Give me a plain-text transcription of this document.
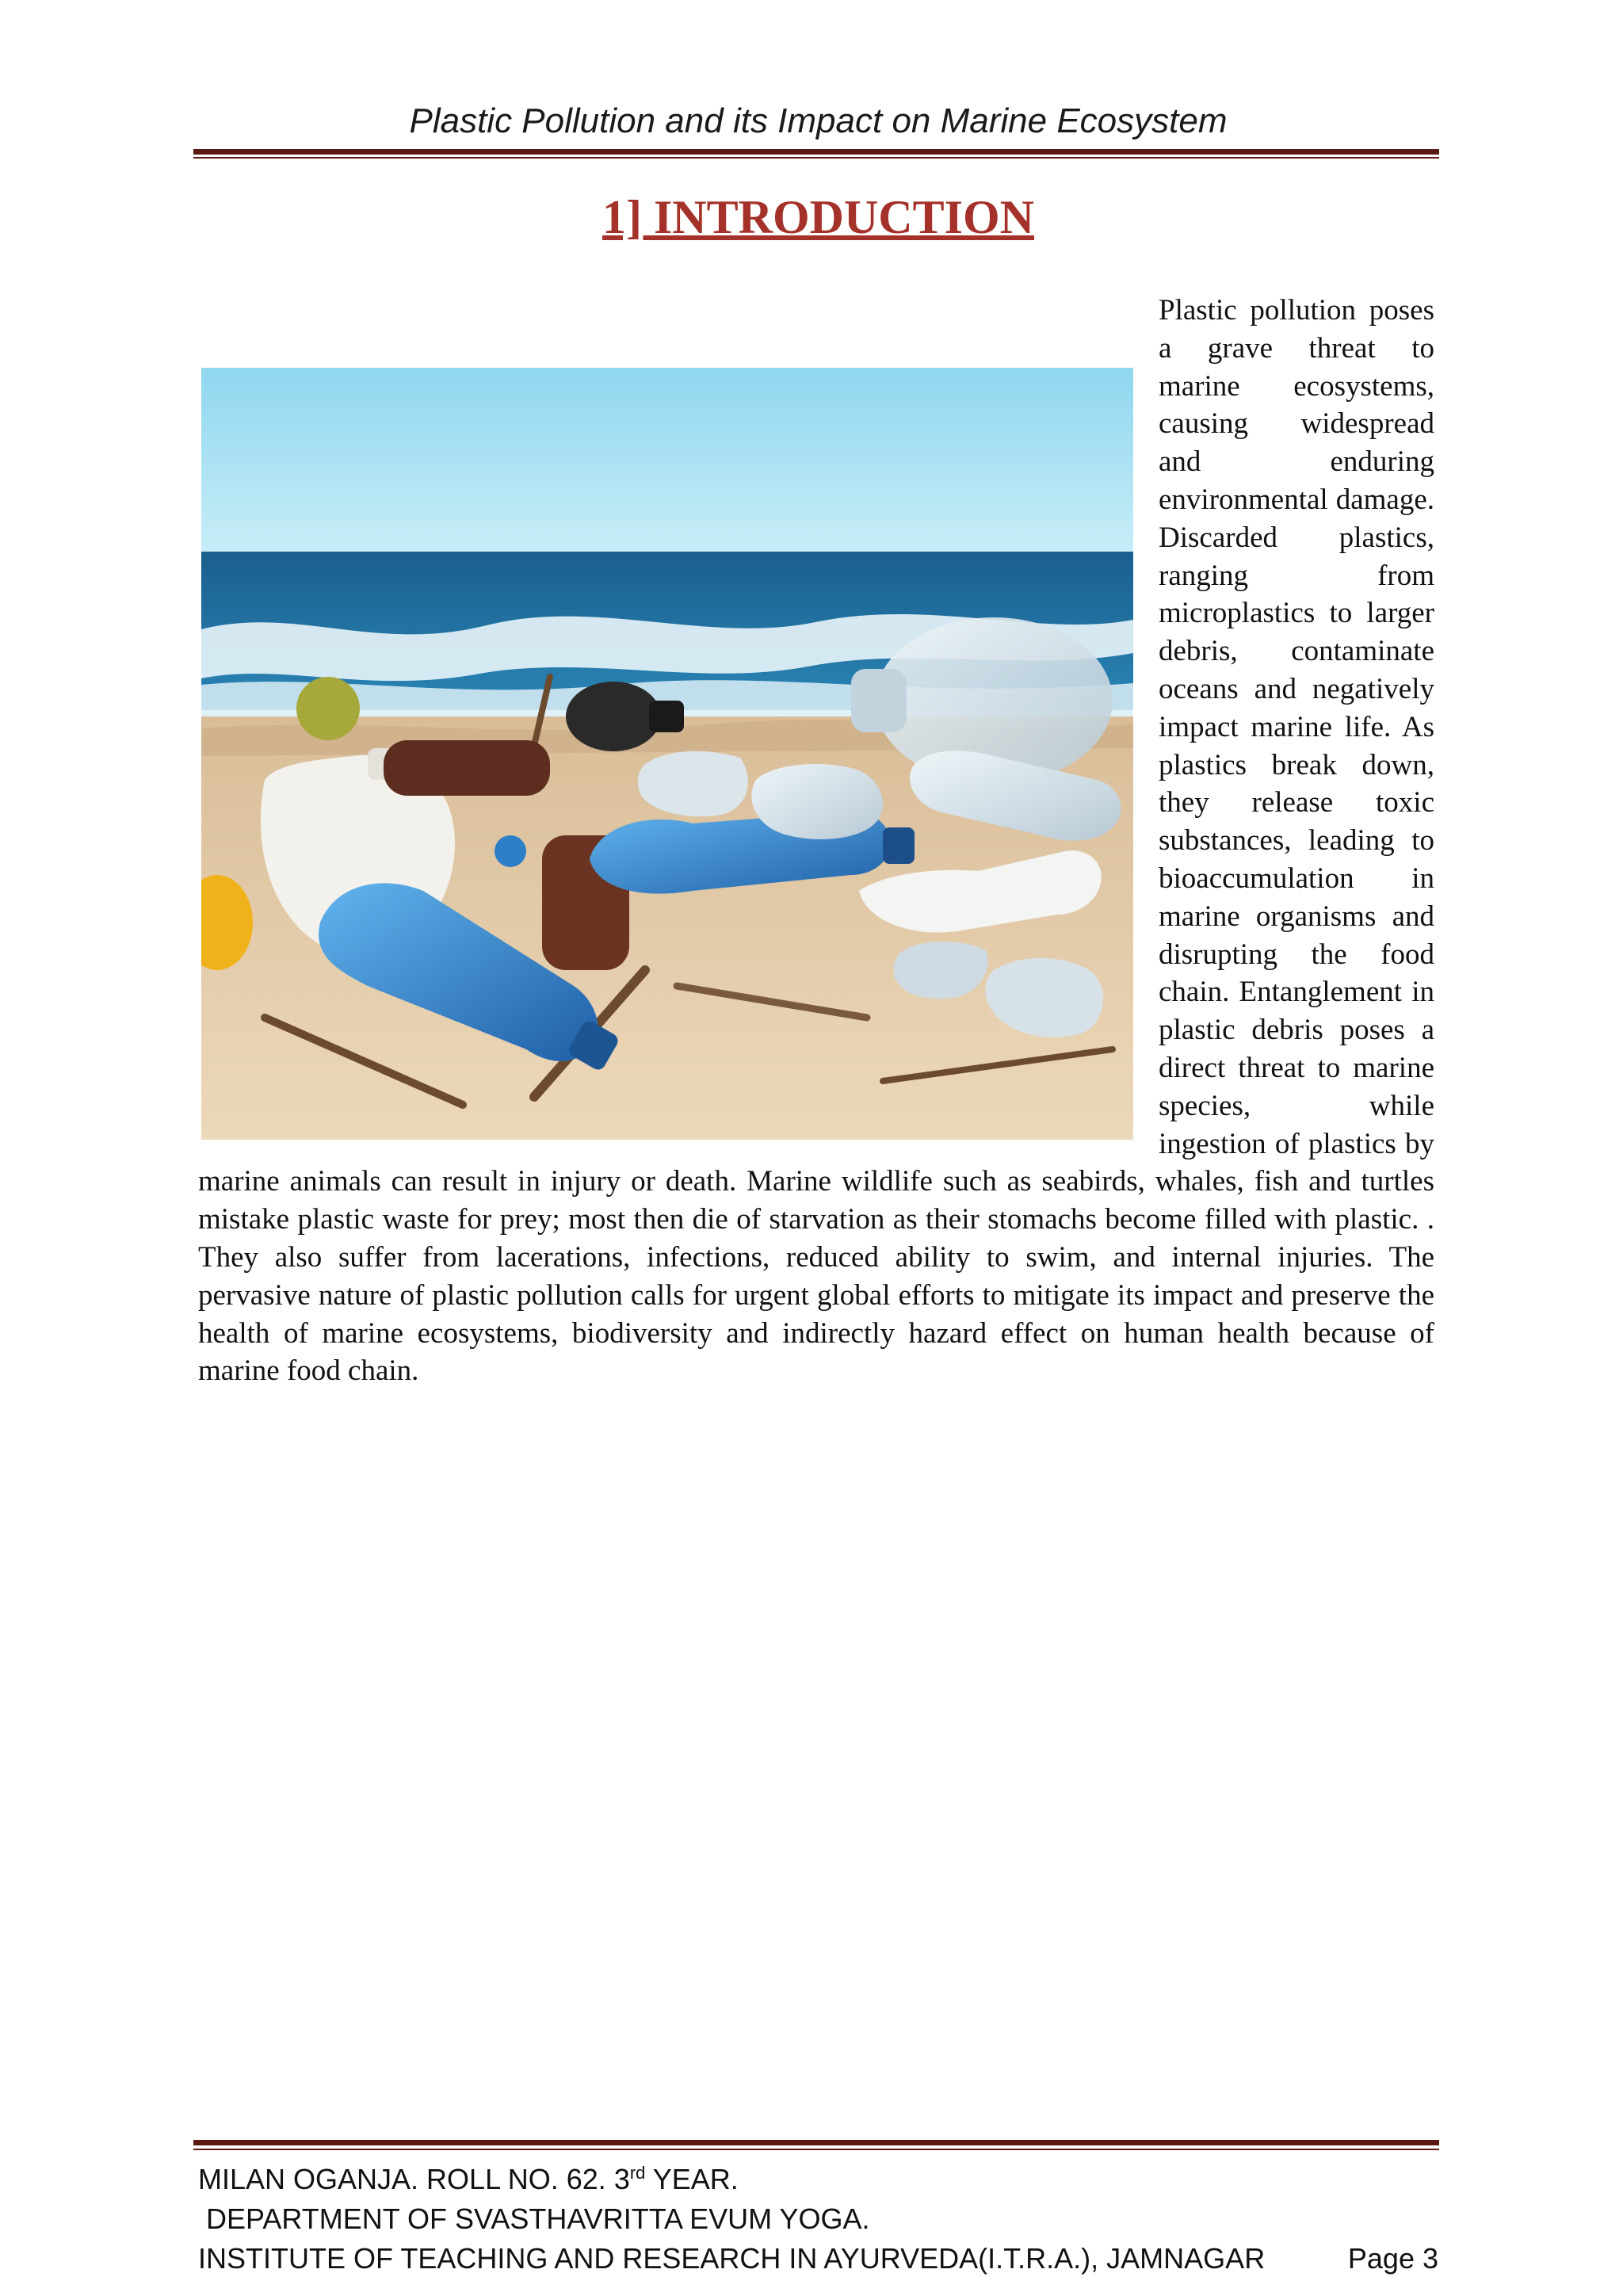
Plastic Pollution and its Impact on Marine Ecosystem
1] INTRODUCTION

Plastic pollution poses a grave threat to marine ecosystems, causing widespread and enduring environmental damage. Discarded plastics, ranging from microplastics to larger debris, contaminate oceans and negatively impact marine life. As plastics break down, they release toxic substances, leading to bioaccumulation in marine organisms and disrupting the food chain. Entanglement in plastic debris poses a direct threat to marine species, while ingestion of plastics by marine animals can result in injury or death. Marine wildlife such as seabirds, whales, fish and turtles mistake plastic waste for prey; most then die of starvation as their stomachs become filled with plastic. . They also suffer from lacerations, infections, reduced ability to swim, and internal injuries. The pervasive nature of plastic pollution calls for urgent global efforts to mitigate its impact and preserve the health of marine ecosystems, biodiversity and indirectly hazard effect on human health because of marine food chain.

MILAN OGANJA. ROLL NO. 62. 3rd YEAR.
DEPARTMENT OF SVASTHAVRITTA EVUM YOGA.
INSTITUTE OF TEACHING AND RESEARCH IN AYURVEDA(I.T.R.A.), JAMNAGAR	Page 3
